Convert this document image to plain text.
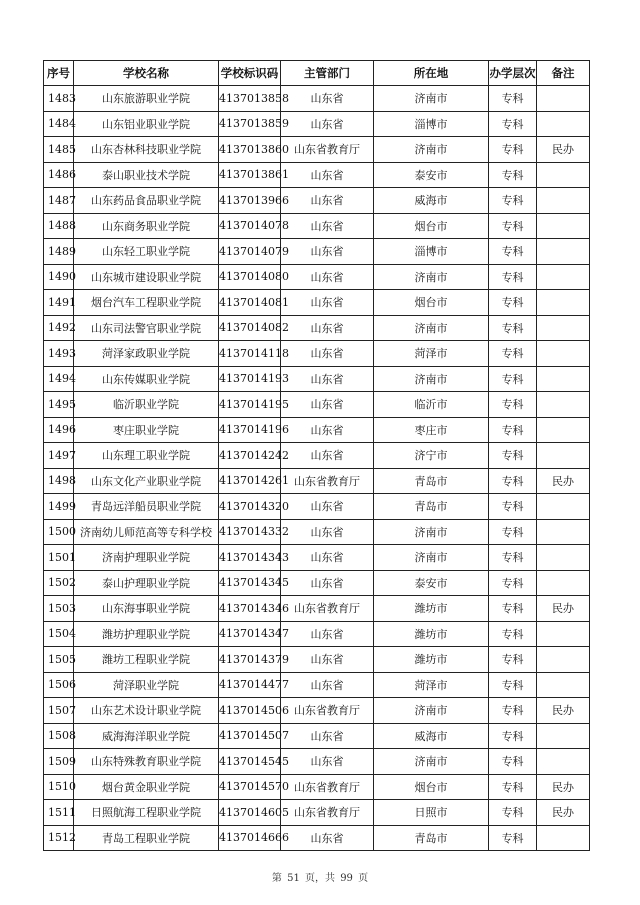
序号	学校名称	学校标识码	主管部门	所在地	办学层次	备注
1483	山东旅游职业学院	4137013858	山东省	济南市	专科	
1484	山东铝业职业学院	4137013859	山东省	淄博市	专科	
1485	山东杏林科技职业学院	4137013860	山东省教育厅	济南市	专科	民办
1486	泰山职业技术学院	4137013861	山东省	泰安市	专科	
1487	山东药品食品职业学院	4137013966	山东省	威海市	专科	
1488	山东商务职业学院	4137014078	山东省	烟台市	专科	
1489	山东轻工职业学院	4137014079	山东省	淄博市	专科	
1490	山东城市建设职业学院	4137014080	山东省	济南市	专科	
1491	烟台汽车工程职业学院	4137014081	山东省	烟台市	专科	
1492	山东司法警官职业学院	4137014082	山东省	济南市	专科	
1493	菏泽家政职业学院	4137014118	山东省	菏泽市	专科	
1494	山东传媒职业学院	4137014193	山东省	济南市	专科	
1495	临沂职业学院	4137014195	山东省	临沂市	专科	
1496	枣庄职业学院	4137014196	山东省	枣庄市	专科	
1497	山东理工职业学院	4137014242	山东省	济宁市	专科	
1498	山东文化产业职业学院	4137014261	山东省教育厅	青岛市	专科	民办
1499	青岛远洋船员职业学院	4137014320	山东省	青岛市	专科	
1500	济南幼儿师范高等专科学校	4137014332	山东省	济南市	专科	
1501	济南护理职业学院	4137014343	山东省	济南市	专科	
1502	泰山护理职业学院	4137014345	山东省	泰安市	专科	
1503	山东海事职业学院	4137014346	山东省教育厅	潍坊市	专科	民办
1504	潍坊护理职业学院	4137014347	山东省	潍坊市	专科	
1505	潍坊工程职业学院	4137014379	山东省	潍坊市	专科	
1506	菏泽职业学院	4137014477	山东省	菏泽市	专科	
1507	山东艺术设计职业学院	4137014506	山东省教育厅	济南市	专科	民办
1508	威海海洋职业学院	4137014507	山东省	威海市	专科	
1509	山东特殊教育职业学院	4137014545	山东省	济南市	专科	
1510	烟台黄金职业学院	4137014570	山东省教育厅	烟台市	专科	民办
1511	日照航海工程职业学院	4137014605	山东省教育厅	日照市	专科	民办
1512	青岛工程职业学院	4137014666	山东省	青岛市	专科	
第 51 页，共 99 页
